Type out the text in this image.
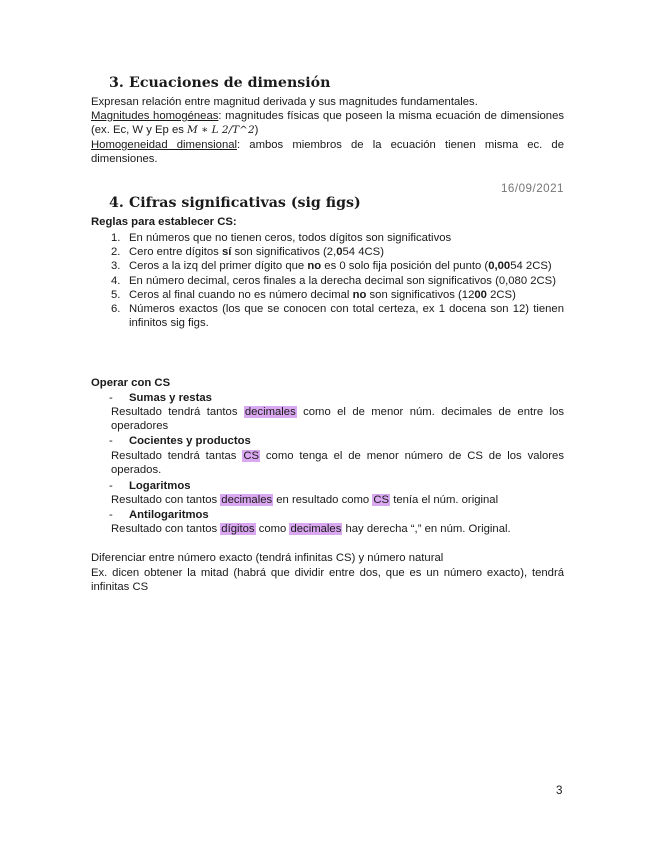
3. Ecuaciones de dimensión
Expresan relación entre magnitud derivada y sus magnitudes fundamentales.
Magnitudes homogéneas: magnitudes físicas que poseen la misma ecuación de dimensiones (ex. Ec, W y Ep es M ∗ L 2/T^2)
Homogeneidad dimensional: ambos miembros de la ecuación tienen misma ec. de dimensiones.
16/09/2021
4. Cifras significativas (sig figs)
Reglas para establecer CS:
1. En números que no tienen ceros, todos dígitos son significativos
2. Cero entre dígitos sí son significativos (2,054 4CS)
3. Ceros a la izq del primer dígito que no es 0 solo fija posición del punto (0,0054 2CS)
4. En número decimal, ceros finales a la derecha decimal son significativos (0,080 2CS)
5. Ceros al final cuando no es número decimal no son significativos (1200 2CS)
6. Números exactos (los que se conocen con total certeza, ex 1 docena son 12) tienen infinitos sig figs.
Operar con CS
- Sumas y restas
Resultado tendrá tantos decimales como el de menor núm. decimales de entre los operadores
- Cocientes y productos
Resultado tendrá tantas CS como tenga el de menor número de CS de los valores operados.
- Logaritmos
Resultado con tantos decimales en resultado como CS tenía el núm. original
- Antilogaritmos
Resultado con tantos dígitos como decimales hay derecha “,” en núm. Original.
Diferenciar entre número exacto (tendrá infinitas CS) y número natural
Ex. dicen obtener la mitad (habrá que dividir entre dos, que es un número exacto), tendrá infinitas CS
3
